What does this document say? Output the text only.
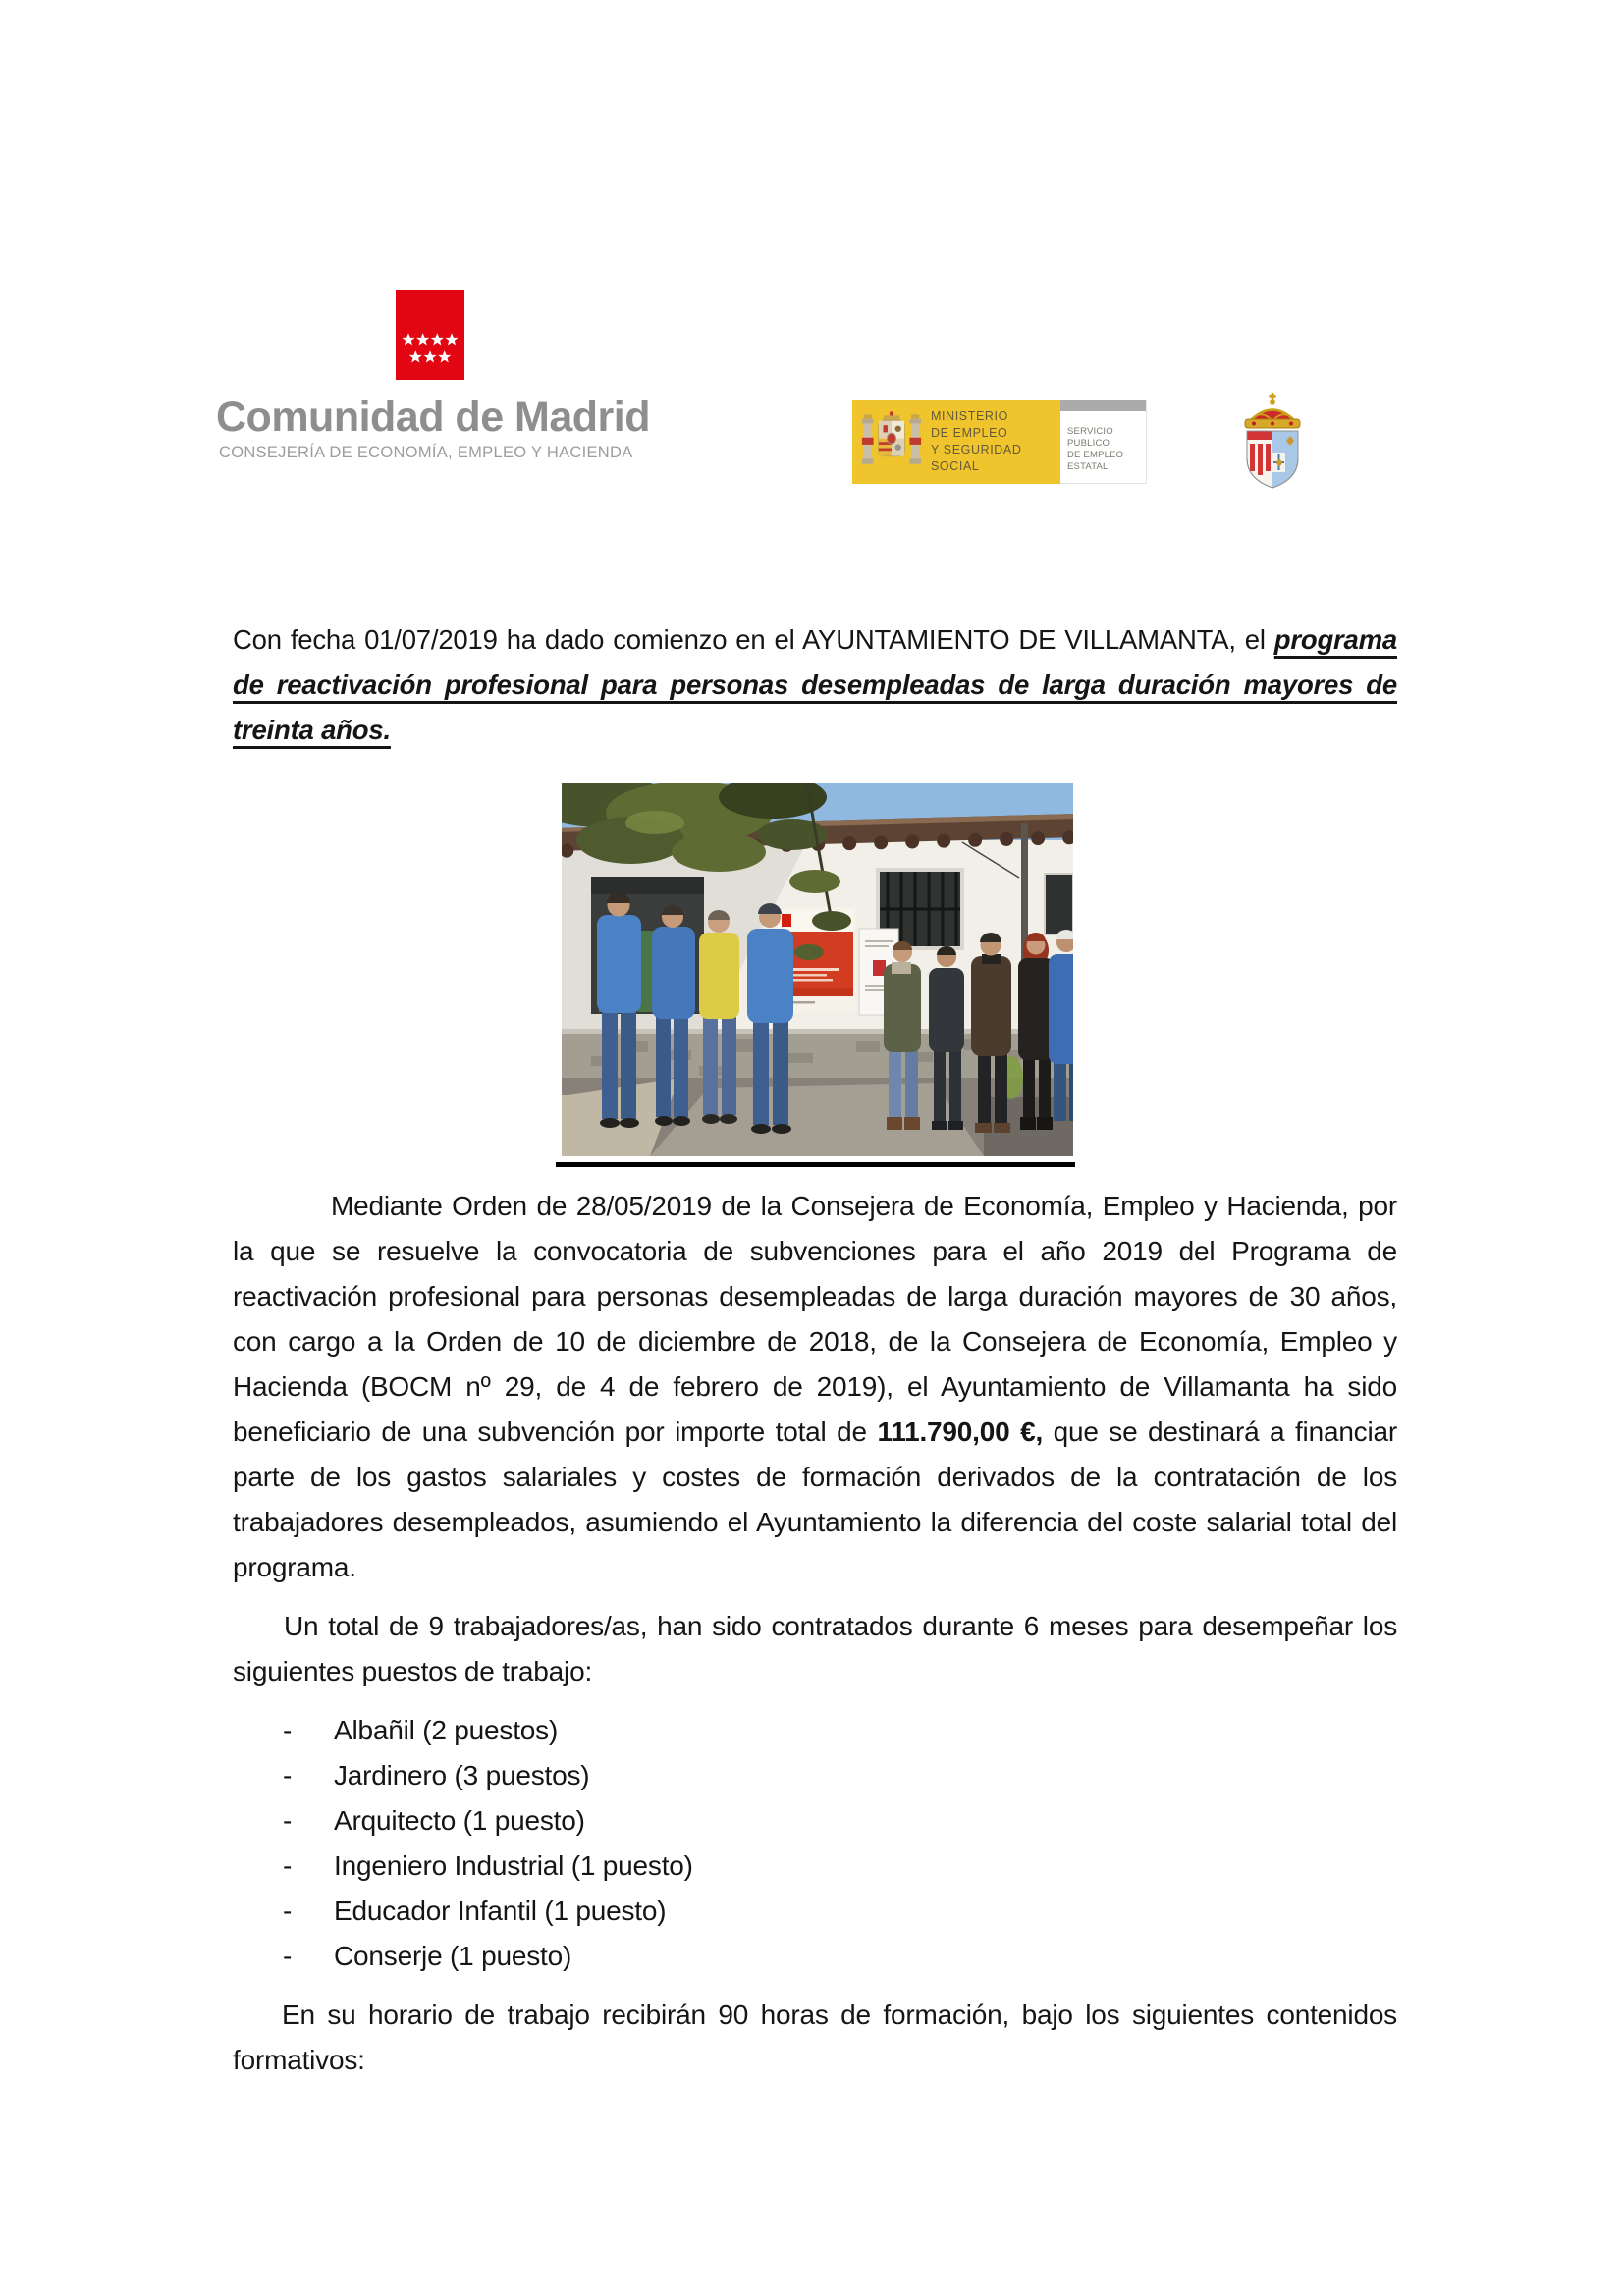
Comunidad de Madrid
CONSEJERÍA DE ECONOMÍA, EMPLEO Y HACIENDA
MINISTERIO
DE EMPLEO
Y SEGURIDAD SOCIAL
SERVICIO PUBLICO
DE EMPLEO ESTATAL

Con fecha 01/07/2019 ha dado comienzo en el AYUNTAMIENTO DE VILLAMANTA, el programa de reactivación profesional para personas desempleadas de larga duración mayores de treinta años.

Mediante Orden de 28/05/2019 de la Consejera de Economía, Empleo y Hacienda, por la que se resuelve la convocatoria de subvenciones para el año 2019 del Programa de reactivación profesional para personas desempleadas de larga duración mayores de 30 años, con cargo a la Orden de 10 de diciembre de 2018, de la Consejera de Economía, Empleo y Hacienda (BOCM nº 29, de 4 de febrero de 2019), el Ayuntamiento de Villamanta ha sido beneficiario de una subvención por importe total de 111.790,00 €, que se destinará a financiar parte de los gastos salariales y costes de formación derivados de la contratación de los trabajadores desempleados, asumiendo el Ayuntamiento la diferencia del coste salarial total del programa.

Un total de 9 trabajadores/as, han sido contratados durante 6 meses para desempeñar los siguientes puestos de trabajo:

- Albañil (2 puestos)
- Jardinero (3 puestos)
- Arquitecto (1 puesto)
- Ingeniero Industrial (1 puesto)
- Educador Infantil (1 puesto)
- Conserje (1 puesto)

En su horario de trabajo recibirán 90 horas de formación, bajo los siguientes contenidos formativos:
